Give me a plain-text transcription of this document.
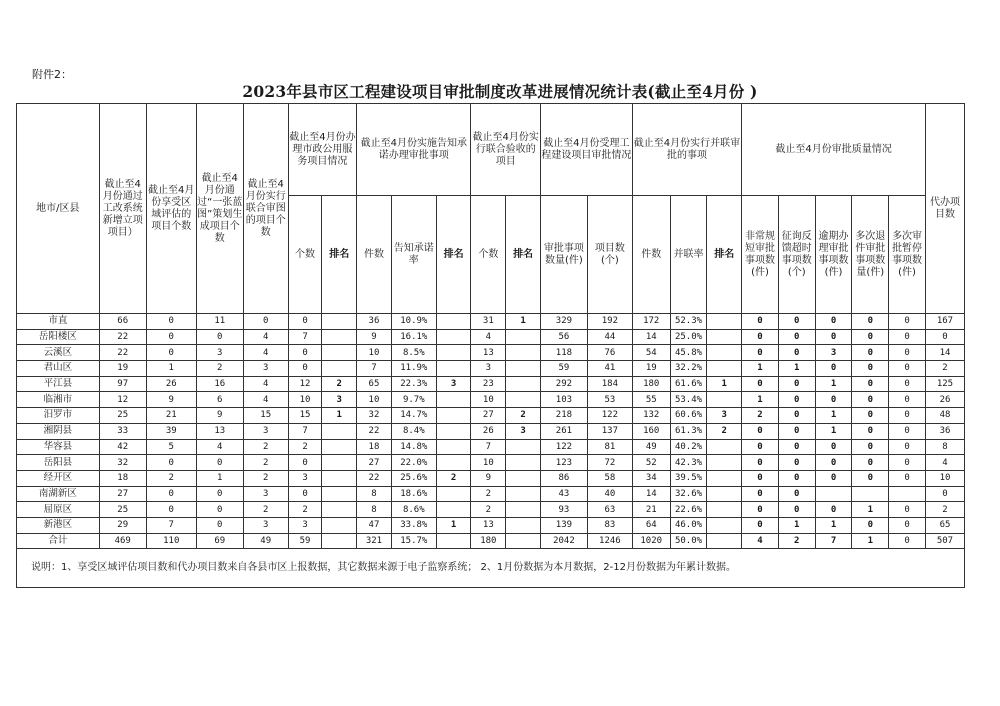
附件2：
2023年县市区工程建设项目审批制度改革进展情况统计表(截止至4月份 )
地市/区县	截止至4月份通过工改系统新增立项项目）	截止至4月份享受区域评估的项目个数	截止至4月份通过“一张蓝图”策划生成项目个数	截止至4月份实行联合审图的项目个数	截止至4月份办理市政公用服务项目情况		截止至4月份实施告知承诺办理审批事项			截止至4月份实行联合验收的项目		截止至4月份受理工程建设项目审批情况		截止至4月份实行并联审批的事项			截止至4月份审批质量情况					代办项目数
					个数	排名	件数	告知承诺率	排名	个数	排名	审批事项数量(件)	项目数(个)	件数	并联率	排名	非常规短审批事项数(件)	征询反馈超时事项数(个)	逾期办理审批事项数(件)	多次退件审批事项数量(件)	多次审批暂停事项数(件)	
市直	66	0	11	0	0		36	10.9%		31	1	329	192	172	52.3%		0	0	0	0	0	167
岳阳楼区	22	0	0	4	7		9	16.1%		4		56	44	14	25.0%		0	0	0	0	0	0
云溪区	22	0	3	4	0		10	8.5%		13		118	76	54	45.8%		0	0	3	0	0	14
君山区	19	1	2	3	0		7	11.9%		3		59	41	19	32.2%		1	1	0	0	0	2
平江县	97	26	16	4	12	2	65	22.3%	3	23		292	184	180	61.6%	1	0	0	1	0	0	125
临湘市	12	9	6	4	10	3	10	9.7%		10		103	53	55	53.4%		1	0	0	0	0	26
汨罗市	25	21	9	15	15	1	32	14.7%		27	2	218	122	132	60.6%	3	2	0	1	0	0	48
湘阴县	33	39	13	3	7		22	8.4%		26	3	261	137	160	61.3%	2	0	0	1	0	0	36
华容县	42	5	4	2	2		18	14.8%		7		122	81	49	40.2%		0	0	0	0	0	8
岳阳县	32	0	0	2	0		27	22.0%		10		123	72	52	42.3%		0	0	0	0	0	4
经开区	18	2	1	2	3		22	25.6%	2	9		86	58	34	39.5%		0	0	0	0	0	10
南湖新区	27	0	0	3	0		8	18.6%		2		43	40	14	32.6%		0	0				0
屈原区	25	0	0	2	2		8	8.6%		2		93	63	21	22.6%		0	0	0	1	0	2
新港区	29	7	0	3	3		47	33.8%	1	13		139	83	64	46.0%		0	1	1	0	0	65
合计	469	110	69	49	59		321	15.7%		180		2042	1246	1020	50.0%		4	2	7	1	0	507
说明：1、享受区域评估项目数和代办项目数来自各县市区上报数据，其它数据来源于电子监察系统； 2、1月份数据为本月数据，2-12月份数据为年累计数据。																						
